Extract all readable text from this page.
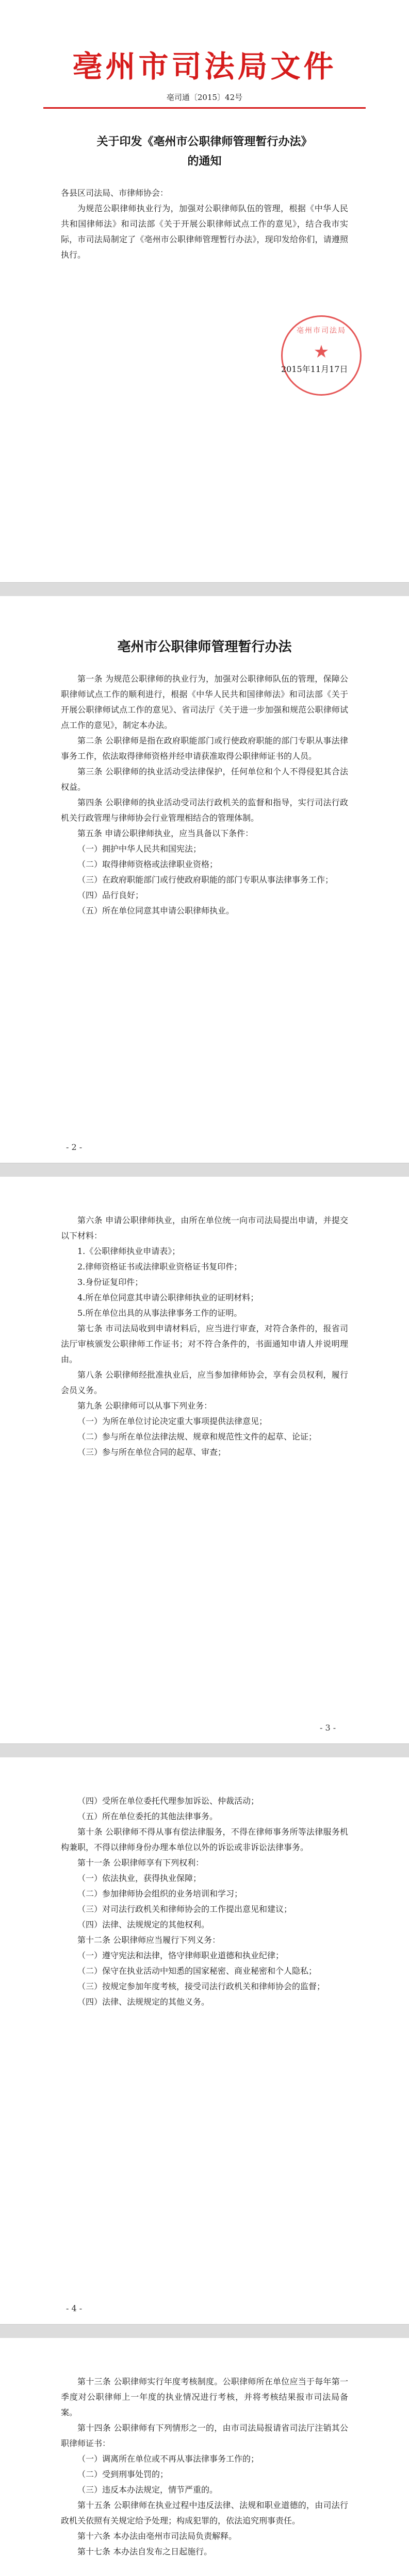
亳州市司法局文件
亳司通〔2015〕42号
关于印发《亳州市公职律师管理暂行办法》
的通知

各县区司法局、市律师协会：

为规范公职律师执业行为，加强对公职律师队伍的管理，根据《中华人民共和国律师法》和司法部《关于开展公职律师试点工作的意见》，结合我市实际，市司法局制定了《亳州市公职律师管理暂行办法》，现印发给你们，请遵照执行。

亳州市司法局
★
2015年11月17日
亳州市公职律师管理暂行办法

第一条 为规范公职律师的执业行为，加强对公职律师队伍的管理，保障公职律师试点工作的顺利进行，根据《中华人民共和国律师法》和司法部《关于开展公职律师试点工作的意见》、省司法厅《关于进一步加强和规范公职律师试点工作的意见》，制定本办法。

第二条 公职律师是指在政府职能部门或行使政府职能的部门专职从事法律事务工作，依法取得律师资格并经申请获准取得公职律师证书的人员。

第三条 公职律师的执业活动受法律保护，任何单位和个人不得侵犯其合法权益。

第四条 公职律师的执业活动受司法行政机关的监督和指导，实行司法行政机关行政管理与律师协会行业管理相结合的管理体制。

第五条 申请公职律师执业，应当具备以下条件：

（一）拥护中华人民共和国宪法；

（二）取得律师资格或法律职业资格；

（三）在政府职能部门或行使政府职能的部门专职从事法律事务工作；

（四）品行良好；

（五）所在单位同意其申请公职律师执业。

- 2 -

第六条 申请公职律师执业，由所在单位统一向市司法局提出申请，并提交以下材料：

1.《公职律师执业申请表》；

2.律师资格证书或法律职业资格证书复印件；

3.身份证复印件；

4.所在单位同意其申请公职律师执业的证明材料；

5.所在单位出具的从事法律事务工作的证明。

第七条 市司法局收到申请材料后，应当进行审查，对符合条件的，报省司法厅审核颁发公职律师工作证书；对不符合条件的，书面通知申请人并说明理由。

第八条 公职律师经批准执业后，应当参加律师协会，享有会员权利，履行会员义务。

第九条 公职律师可以从事下列业务：

（一）为所在单位讨论决定重大事项提供法律意见；

（二）参与所在单位法律法规、规章和规范性文件的起草、论证；

（三）参与所在单位合同的起草、审查；

- 3 -

（四）受所在单位委托代理参加诉讼、仲裁活动；

（五）所在单位委托的其他法律事务。

第十条 公职律师不得从事有偿法律服务，不得在律师事务所等法律服务机构兼职，不得以律师身份办理本单位以外的诉讼或非诉讼法律事务。

第十一条 公职律师享有下列权利：

（一）依法执业，获得执业保障；

（二）参加律师协会组织的业务培训和学习；

（三）对司法行政机关和律师协会的工作提出意见和建议；

（四）法律、法规规定的其他权利。

第十二条 公职律师应当履行下列义务：

（一）遵守宪法和法律，恪守律师职业道德和执业纪律；

（二）保守在执业活动中知悉的国家秘密、商业秘密和个人隐私；

（三）按规定参加年度考核，接受司法行政机关和律师协会的监督；

（四）法律、法规规定的其他义务。

- 4 -

第十三条 公职律师实行年度考核制度。公职律师所在单位应当于每年第一季度对公职律师上一年度的执业情况进行考核，并将考核结果报市司法局备案。

第十四条 公职律师有下列情形之一的，由市司法局报请省司法厅注销其公职律师证书：

（一）调离所在单位或不再从事法律事务工作的；

（二）受到刑事处罚的；

（三）违反本办法规定，情节严重的。

第十五条 公职律师在执业过程中违反法律、法规和职业道德的，由司法行政机关依照有关规定给予处理；构成犯罪的，依法追究刑事责任。

第十六条 本办法由亳州市司法局负责解释。

第十七条 本办法自发布之日起施行。
